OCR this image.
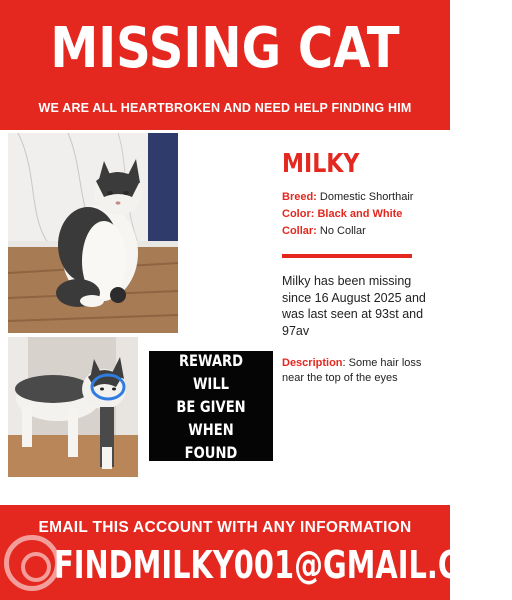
MISSING CAT
WE ARE ALL HEARTBROKEN AND NEED HELP FINDING HIM
MILKY
Breed: Domestic Shorthair
Color: Black and White
Collar: No Collar
Milky has been missing since 16 August 2025 and was last seen at 93st and 97av
Description: Some hair loss near the top of the eyes
REWARD WILL
BE GIVEN
WHEN FOUND
EMAIL THIS ACCOUNT WITH ANY INFORMATION
FINDMILKY001@GMAIL.COM
